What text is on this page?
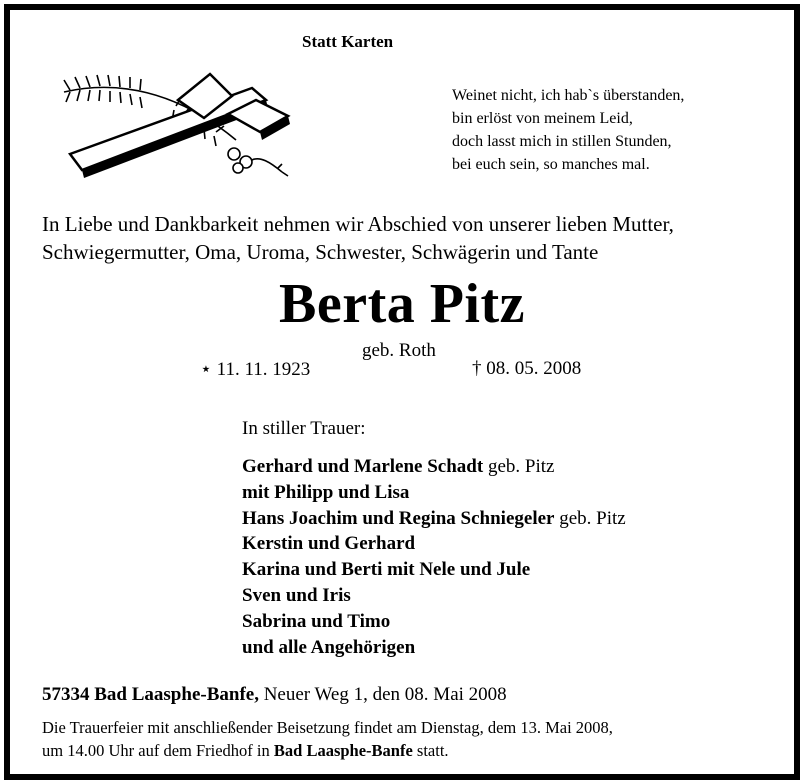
Statt Karten
Weinet nicht, ich hab`s überstanden,
bin erlöst von meinem Leid,
doch lasst mich in stillen Stunden,
bei euch sein, so manches mal.
In Liebe und Dankbarkeit nehmen wir Abschied von unserer lieben Mutter,
Schwiegermutter, Oma, Uroma, Schwester, Schwägerin und Tante
Berta Pitz
geb. Roth
⋆ 11. 11. 1923	† 08. 05. 2008
In stiller Trauer:
Gerhard und Marlene Schadt geb. Pitz
mit Philipp und Lisa
Hans Joachim und Regina Schniegeler geb. Pitz
Kerstin und Gerhard
Karina und Berti mit Nele und Jule
Sven und Iris
Sabrina und Timo
und alle Angehörigen
57334 Bad Laasphe-Banfe, Neuer Weg 1, den 08. Mai 2008
Die Trauerfeier mit anschließender Beisetzung findet am Dienstag, dem 13. Mai 2008,
um 14.00 Uhr auf dem Friedhof in Bad Laasphe-Banfe statt.
